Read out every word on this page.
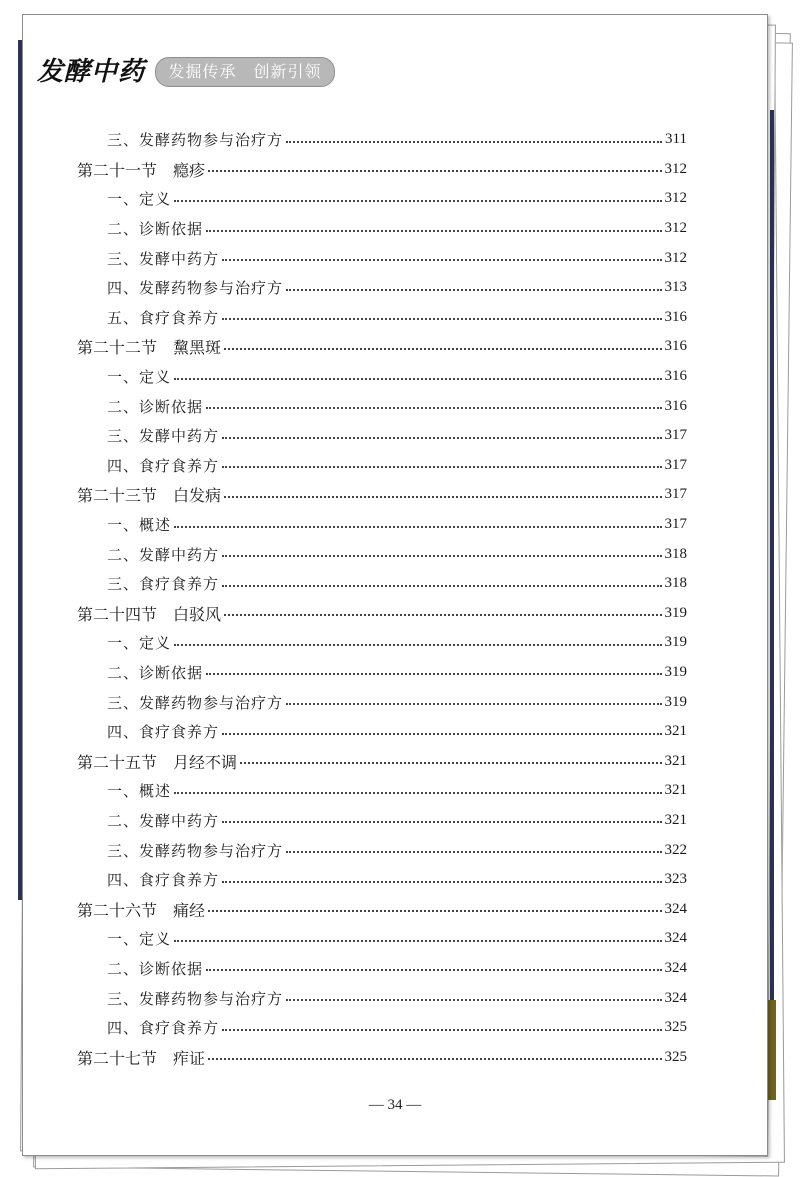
发酵中药	发掘传承　创新引领
三、发酵药物参与治疗方	311
第二十一节 瘾疹	312
一、定义	312
二、诊断依据	312
三、发酵中药方	312
四、发酵药物参与治疗方	313
五、食疗食养方	316
第二十二节 黧黑斑	316
一、定义	316
二、诊断依据	316
三、发酵中药方	317
四、食疗食养方	317
第二十三节 白发病	317
一、概述	317
二、发酵中药方	318
三、食疗食养方	318
第二十四节 白驳风	319
一、定义	319
二、诊断依据	319
三、发酵药物参与治疗方	319
四、食疗食养方	321
第二十五节 月经不调	321
一、概述	321
二、发酵中药方	321
三、发酵药物参与治疗方	322
四、食疗食养方	323
第二十六节 痛经	324
一、定义	324
二、诊断依据	324
三、发酵药物参与治疗方	324
四、食疗食养方	325
第二十七节 痄证	325
— 34 —
